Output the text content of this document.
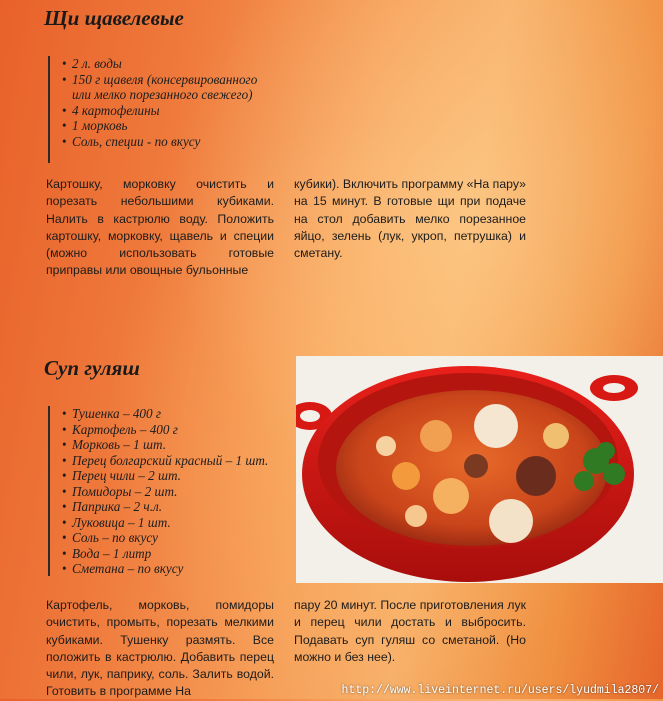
Щи щавелевые
• 2 л. воды
• 150 г щавеля (консервированного
или мелко порезанного свежего)
• 4 картофелины
• 1 морковь
• Соль, специи - по вкусу

Картошку, морковку очистить и порезать небольшими кубиками. Налить в кастрюлю воду. Положить картошку, морковку, щавель и специи (можно использовать готовые приправы или овощные бульонные

кубики). Включить программу «На пару» на 15 минут. В готовые щи при подаче на стол добавить мелко порезанное яйцо, зелень (лук, укроп, петрушка) и сметану.

Суп гуляш
• Тушенка – 400 г
• Картофель – 400 г
• Морковь – 1 шт.
• Перец болгарский красный – 1 шт.
• Перец чили – 2 шт.
• Помидоры – 2 шт.
• Паприка – 2 ч.л.
• Луковица – 1 шт.
• Соль – по вкусу
• Вода – 1 литр
• Сметана – по вкусу

Картофель, морковь, помидоры очистить, промыть, порезать мелкими кубиками. Тушенку размять. Все положить в кастрюлю. Добавить перец чили, лук, паприку, соль. Залить водой. Готовить в программе На

пару 20 минут. После приготовления лук и перец чили достать и выбросить. Подавать суп гуляш со сметаной. (Но можно и без нее).

http://www.liveinternet.ru/users/lyudmila2807/
